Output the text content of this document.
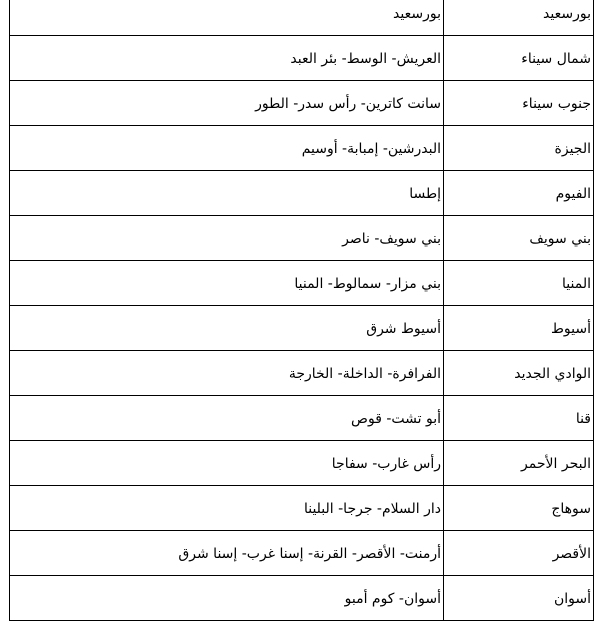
بورسعيد	بورسعيد

شمال سيناء	العريش- الوسط- بئر العبد

جنوب سيناء	سانت كاترين- رأس سدر- الطور

الجيزة	البدرشين- إمبابة- أوسيم

الفيوم	إطسا

بني سويف	بني سويف- ناصر

المنيا	بني مزار- سمالوط- المنيا

أسيوط	أسيوط شرق

الوادي الجديد	الفرافرة- الداخلة- الخارجة

قنا	أبو تشت- قوص

البحر الأحمر	رأس غارب- سفاجا

سوهاج	دار السلام- جرجا- البلينا

الأقصر	أرمنت- الأقصر- القرنة- إسنا غرب- إسنا شرق

أسوان	أسوان- كوم أمبو
